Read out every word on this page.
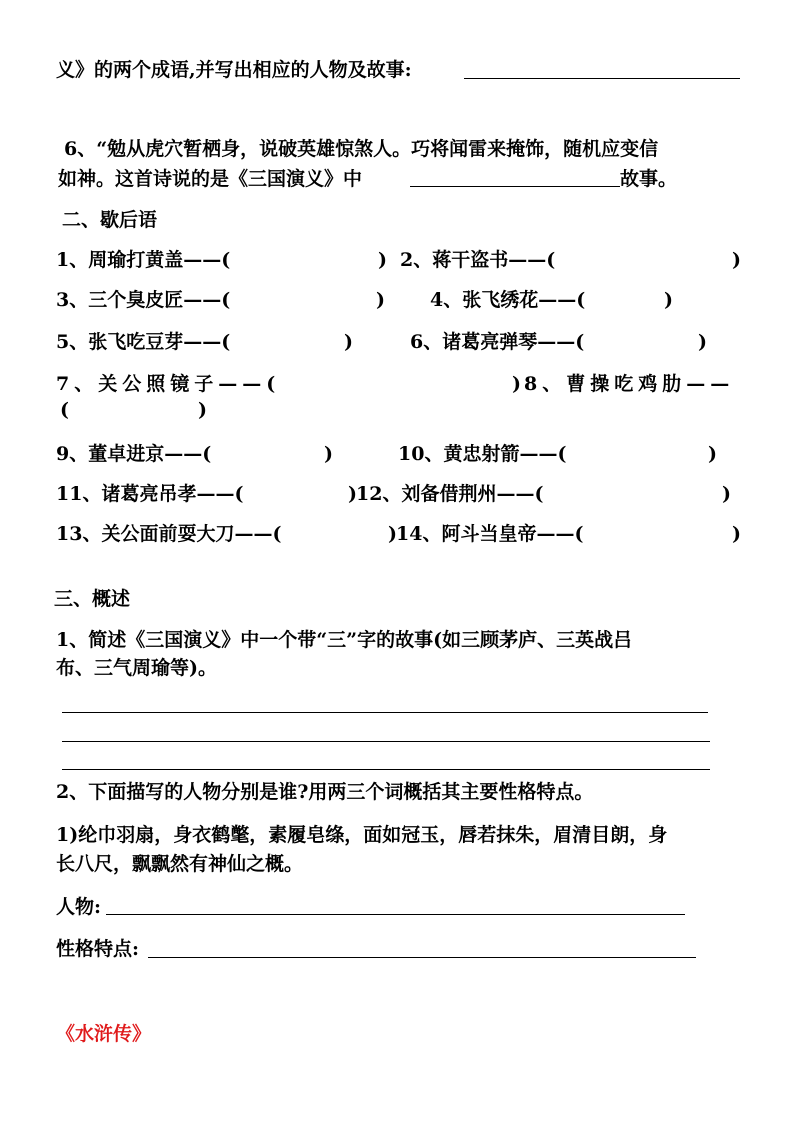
义》的两个成语,并写出相应的人物及故事:
6、“勉从虎穴暂栖身，说破英雄惊煞人。巧将闻雷来掩饰，随机应变信
如神。这首诗说的是《三国演义》中	故事。
二、歇后语
1、周瑜打黄盖——(	) 2、蒋干盗书——(	)
3、三个臭皮匠——(	) 4、张飞绣花——(	)
5、张飞吃豆芽——(	)	6、诸葛亮弹琴——(	)
7、关公照镜子——(	) 8、曹操吃鸡肋——
(	)
9、董卓进京——(	)	10、黄忠射箭——(	)
11、诸葛亮吊孝——(	) 12、刘备借荆州——(	)
13、关公面前耍大刀——(	) 14、阿斗当皇帝——(	)
三、概述
1、简述《三国演义》中一个带“三”字的故事(如三顾茅庐、三英战吕
布、三气周瑜等)。
2、下面描写的人物分别是谁?用两三个词概括其主要性格特点。
1)纶巾羽扇，身衣鹤氅，素履皂绦，面如冠玉，唇若抹朱，眉清目朗，身
长八尺，飘飘然有神仙之概。
人物:
性格特点:
《水浒传》
